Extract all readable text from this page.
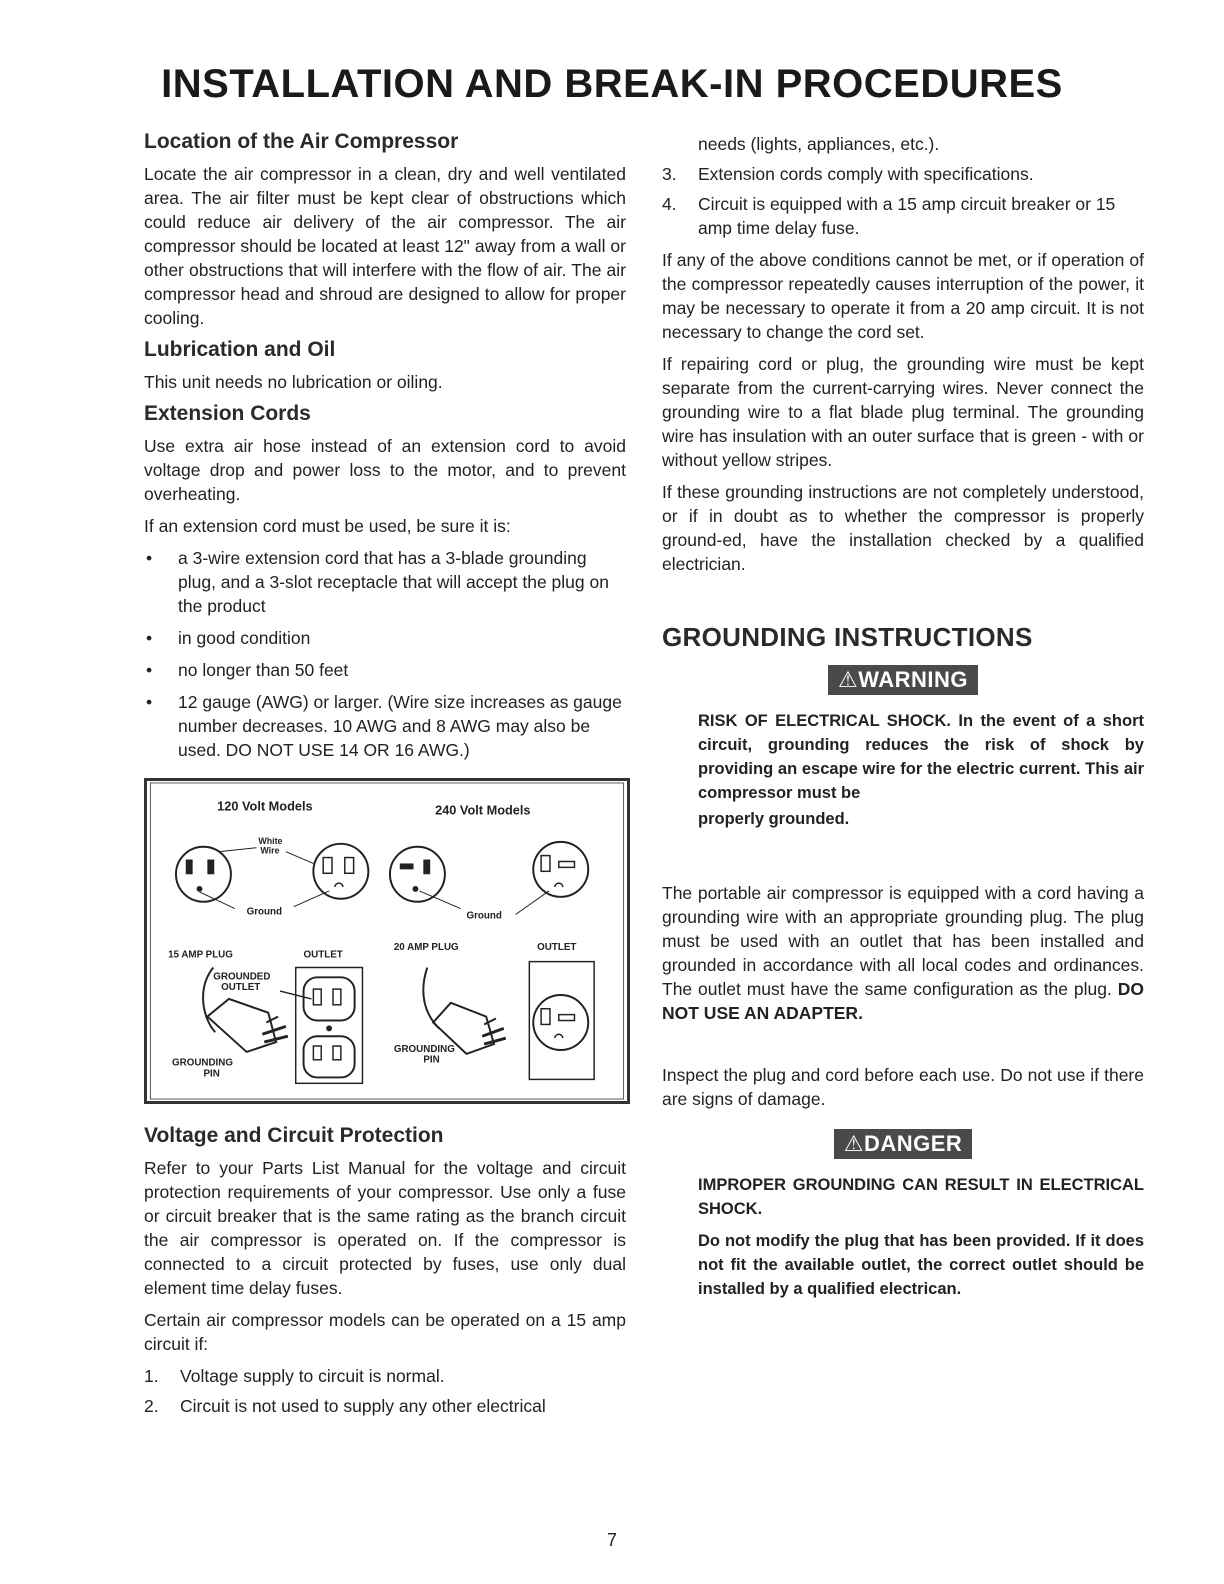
INSTALLATION AND BREAK-IN PROCEDURES
Location of the Air Compressor

Locate the air compressor in a clean, dry and well ventilated area. The air filter must be kept clear of obstructions which could reduce air delivery of the air compressor. The air compressor should be located at least 12" away from a wall or other obstructions that will interfere with the flow of air. The air compressor head and shroud are designed to allow for proper cooling.

Lubrication and Oil

This unit needs no lubrication or oiling.

Extension Cords

Use extra air hose instead of an extension cord to avoid voltage drop and power loss to the motor, and to prevent overheating.

If an extension cord must be used, be sure it is:

• a 3-wire extension cord that has a 3-blade grounding plug, and a 3-slot receptacle that will accept the plug on the product
• in good condition
• no longer than 50 feet
• 12 gauge (AWG) or larger. (Wire size increases as gauge number decreases. 10 AWG and 8 AWG may also be used. DO NOT USE 14 OR 16 AWG.)
120 Volt Models	240 Volt Models
White
Wire
Ground	Ground
15 AMP PLUG	OUTLET
20 AMP PLUG	OUTLET
GROUNDED
OUTLET
GROUNDING
PIN
GROUNDING
PIN
Voltage and Circuit Protection

Refer to your Parts List Manual for the voltage and circuit protection requirements of your compressor. Use only a fuse or circuit breaker that is the same rating as the branch circuit the air compressor is operated on. If the compressor is connected to a circuit protected by fuses, use only dual element time delay fuses.

Certain air compressor models can be operated on a 15 amp circuit if:

1. Voltage supply to circuit is normal.
2. Circuit is not used to supply any other electrical
needs (lights, appliances, etc.).
3. Extension cords comply with specifications.
4. Circuit is equipped with a 15 amp circuit breaker or 15 amp time delay fuse.

If any of the above conditions cannot be met, or if operation of the compressor repeatedly causes interruption of the power, it may be necessary to operate it from a 20 amp circuit. It is not necessary to change the cord set.

If repairing cord or plug, the grounding wire must be kept separate from the current-carrying wires. Never connect the grounding wire to a flat blade plug terminal. The grounding wire has insulation with an outer surface that is green - with or without yellow stripes.

If these grounding instructions are not completely understood, or if in doubt as to whether the compressor is properly ground-ed, have the installation checked by a qualified electrician.

GROUNDING INSTRUCTIONS
⚠WARNING

RISK OF ELECTRICAL SHOCK. In the event of a short circuit, grounding reduces the risk of shock by providing an escape wire for the electric current. This air compressor must be

properly grounded.

The portable air compressor is equipped with a cord having a grounding wire with an appropriate grounding plug. The plug must be used with an outlet that has been installed and grounded in accordance with all local codes and ordinances. The outlet must have the same configuration as the plug. DO NOT USE AN ADAPTER.

Inspect the plug and cord before each use. Do not use if there are signs of damage.

⚠DANGER

IMPROPER GROUNDING CAN RESULT IN ELECTRICAL SHOCK.

Do not modify the plug that has been provided. If it does not fit the available outlet, the correct outlet should be installed by a qualified electrican.

7
